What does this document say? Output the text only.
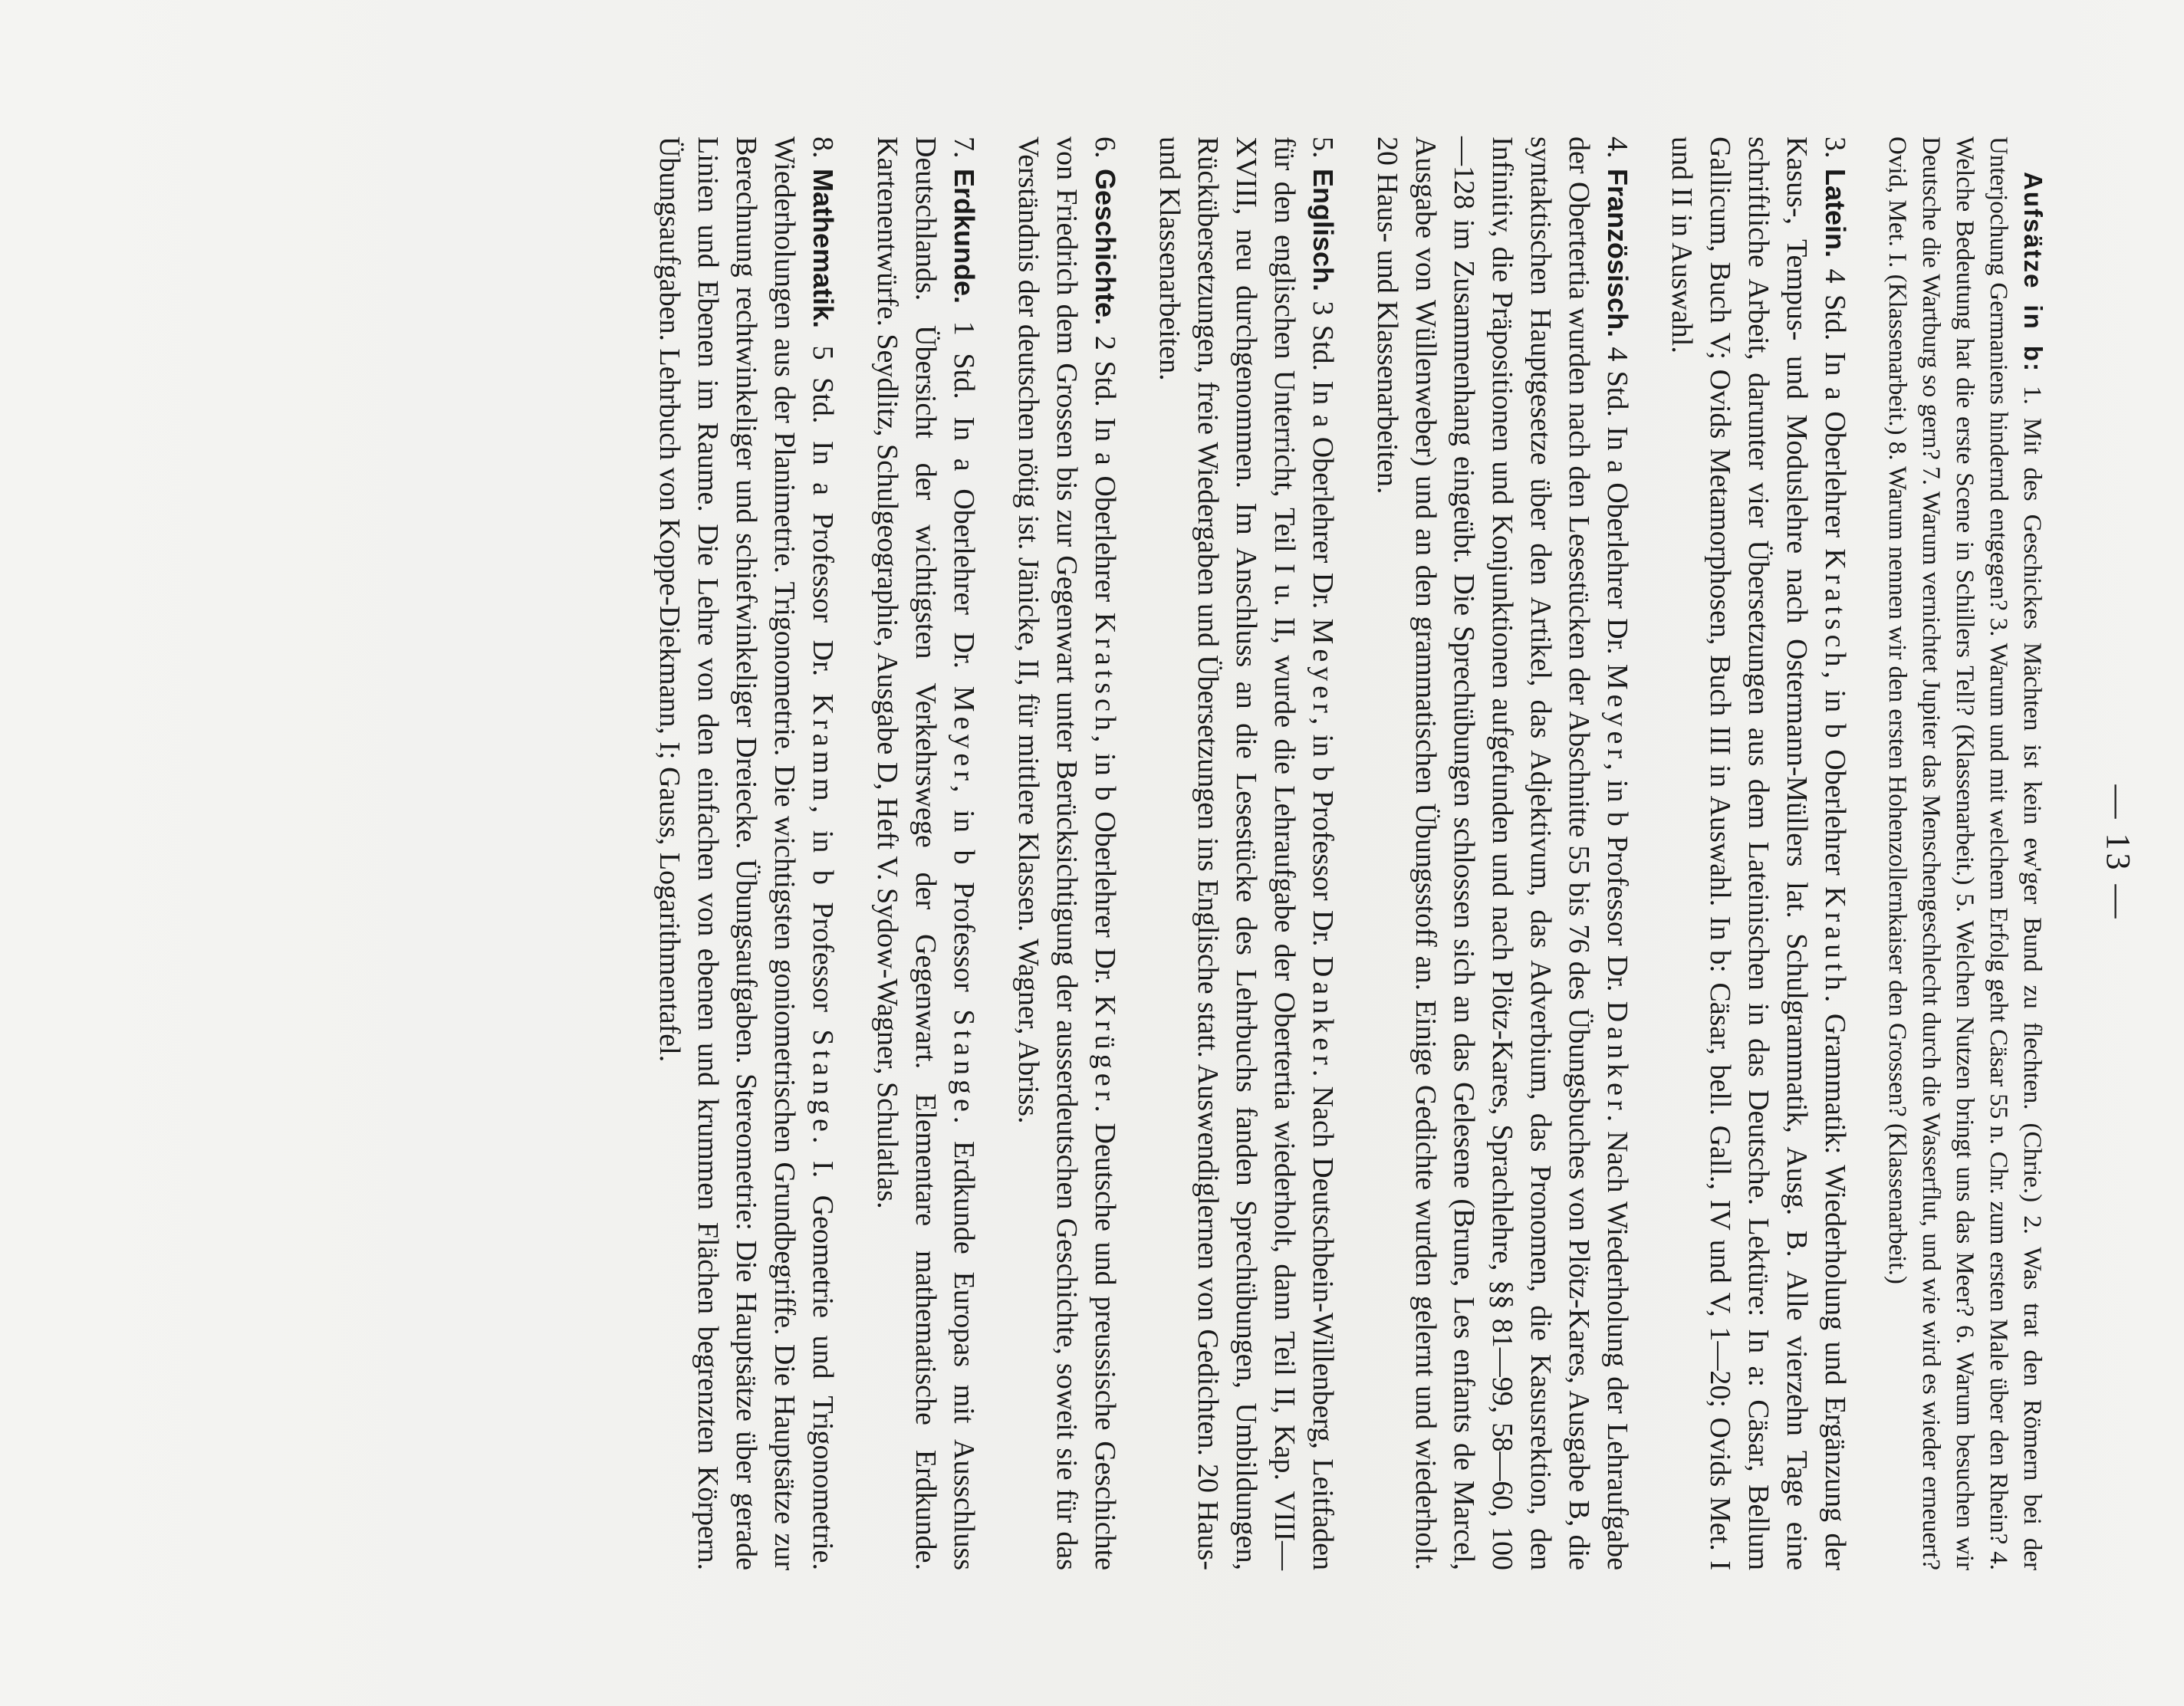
— 13 —

Aufsätze in b: 1. Mit des Geschickes Mächten ist kein ew'ger Bund zu flechten. (Chrie.) 2. Was trat den Römern bei der Unterjochung Germaniens hindernd entgegen? 3. Warum und mit welchem Erfolg geht Cäsar 55 n. Chr. zum ersten Male über den Rhein? 4. Welche Bedeutung hat die erste Scene in Schillers Tell? (Klassenarbeit.) 5. Welchen Nutzen bringt uns das Meer? 6. Warum besuchen wir Deutsche die Wartburg so gern? 7. Warum vernichtet Jupiter das Menschengeschlecht durch die Wasserflut, und wie wird es wieder erneuert? Ovid, Met. I. (Klassenarbeit.) 8. Warum nennen wir den ersten Hohenzollernkaiser den Grossen? (Klassenarbeit.)

3.Latein. 4 Std. In a Oberlehrer Kratsch, in b Oberlehrer Krauth. Grammatik: Wiederholung und Ergänzung der Kasus-, Tempus- und Moduslehre nach Ostermann-Müllers lat. Schulgrammatik, Ausg. B. Alle vierzehn Tage eine schriftliche Arbeit, darunter vier Übersetzungen aus dem Lateinischen in das Deutsche. Lektüre: In a: Cäsar, Bellum Gallicum, Buch V; Ovids Metamorphosen, Buch III in Auswahl. In b: Cäsar, bell. Gall., IV und V, 1—20; Ovids Met. I und II in Auswahl.

4.Französisch. 4 Std. In a Oberlehrer Dr. Meyer, in b Professor Dr. Danker. Nach Wiederholung der Lehraufgabe der Obertertia wurden nach den Lesestücken der Abschnitte 55 bis 76 des Übungsbuches von Plötz-Kares, Ausgabe B, die syntaktischen Hauptgesetze über den Artikel, das Adjektivum, das Adverbium, das Pronomen, die Kasusrektion, den Infinitiv, die Präpositionen und Konjunktionen aufgefunden und nach Plötz-Kares, Sprachlehre, §§ 81—99, 58—60, 100—128 im Zusammenhang eingeübt. Die Sprechübungen schlossen sich an das Gelesene (Brune, Les enfants de Marcel, Ausgabe von Wüllenweber) und an den grammatischen Übungsstoff an. Einige Gedichte wurden gelernt und wiederholt. 20 Haus- und Klassenarbeiten.

5.Englisch. 3 Std. In a Oberlehrer Dr. Meyer, in b Professor Dr. Danker. Nach Deutschbein-Willenberg, Leitfaden für den englischen Unterricht, Teil I u. II, wurde die Lehraufgabe der Obertertia wiederholt, dann Teil II, Kap. VIII—XVIII, neu durchgenommen. Im Anschluss an die Lesestücke des Lehrbuchs fanden Sprechübungen, Umbildungen, Rückübersetzungen, freie Wiedergaben und Übersetzungen ins Englische statt. Auswendiglernen von Gedichten. 20 Haus- und Klassenarbeiten.

6.Geschichte. 2 Std. In a Oberlehrer Kratsch, in b Oberlehrer Dr. Krüger. Deutsche und preussische Geschichte von Friedrich dem Grossen bis zur Gegenwart unter Berücksichtigung der ausserdeutschen Geschichte, soweit sie für das Verständnis der deutschen nötig ist. Jänicke, II, für mittlere Klassen. Wagner, Abriss.

7.Erdkunde. 1 Std. In a Oberlehrer Dr. Meyer, in b Professor Stange. Erdkunde Europas mit Ausschluss Deutschlands. Übersicht der wichtigsten Verkehrswege der Gegenwart. Elementare mathematische Erdkunde. Kartenentwürfe. Seydlitz, Schulgeographie, Ausgabe D, Heft V. Sydow-Wagner, Schulatlas.

8.Mathematik. 5 Std. In a Professor Dr. Kramm, in b Professor Stange. I. Geometrie und Trigonometrie. Wiederholungen aus der Planimetrie. Trigonometrie. Die wichtigsten goniometrischen Grundbegriffe. Die Hauptsätze zur Berechnung rechtwinkeliger und schiefwinkeliger Dreiecke. Übungsaufgaben. Stereometrie: Die Hauptsätze über gerade Linien und Ebenen im Raume. Die Lehre von den einfachen von ebenen und krummen Flächen begrenzten Körpern. Übungsaufgaben. Lehrbuch von Koppe-Diekmann, I; Gauss, Logarithmentafel.
